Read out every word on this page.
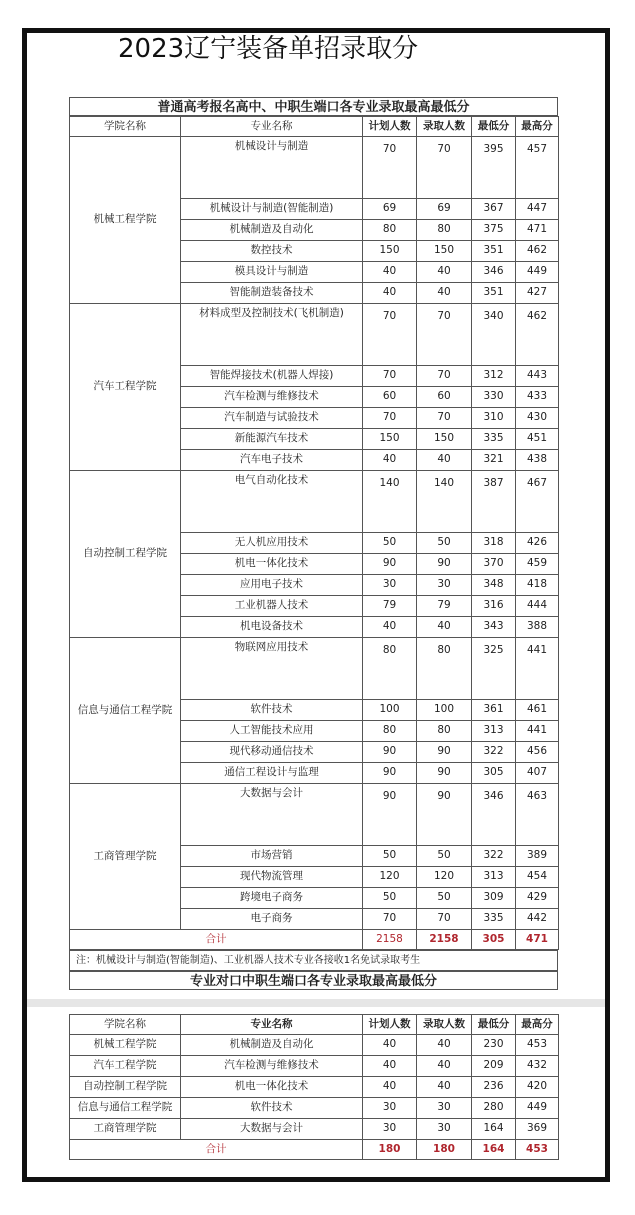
2023辽宁装备单招录取分
普通高考报名高中、中职生端口各专业录取最高最低分
学院名称	专业名称	计划人数	录取人数	最低分	最高分
机械工程学院	机械设计与制造	70	70	395	457
	机械设计与制造(智能制造)	69	69	367	447
	机械制造及自动化	80	80	375	471
	数控技术	150	150	351	462
	模具设计与制造	40	40	346	449
	智能制造装备技术	40	40	351	427
汽车工程学院	材料成型及控制技术(飞机制造)	70	70	340	462
	智能焊接技术(机器人焊接)	70	70	312	443
	汽车检测与维修技术	60	60	330	433
	汽车制造与试验技术	70	70	310	430
	新能源汽车技术	150	150	335	451
	汽车电子技术	40	40	321	438
自动控制工程学院	电气自动化技术	140	140	387	467
	无人机应用技术	50	50	318	426
	机电一体化技术	90	90	370	459
	应用电子技术	30	30	348	418
	工业机器人技术	79	79	316	444
	机电设备技术	40	40	343	388
信息与通信工程学院	物联网应用技术	80	80	325	441
	软件技术	100	100	361	461
	人工智能技术应用	80	80	313	441
	现代移动通信技术	90	90	322	456
	通信工程设计与监理	90	90	305	407
工商管理学院	大数据与会计	90	90	346	463
	市场营销	50	50	322	389
	现代物流管理	120	120	313	454
	跨境电子商务	50	50	309	429
	电子商务	70	70	335	442
合计		2158	2158	305	471
注：机械设计与制造(智能制造)、工业机器人技术专业各接收1名免试录取考生
专业对口中职生端口各专业录取最高最低分
学院名称	专业名称	计划人数	录取人数	最低分	最高分
机械工程学院	机械制造及自动化	40	40	230	453
汽车工程学院	汽车检测与维修技术	40	40	209	432
自动控制工程学院	机电一体化技术	40	40	236	420
信息与通信工程学院	软件技术	30	30	280	449
工商管理学院	大数据与会计	30	30	164	369
合计		180	180	164	453
